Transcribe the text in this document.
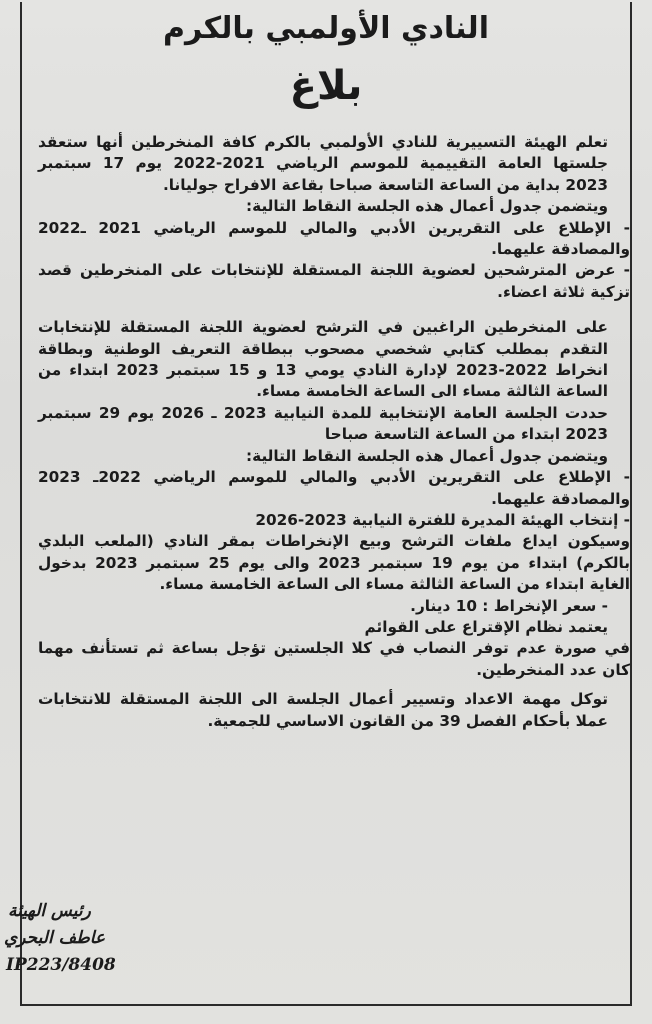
النادي الأولمبي بالكرم
بلاغ

تعلم الهيئة التسييرية للنادي الأولمبي بالكرم كافة المنخرطين أنها ستعقد جلستها العامة التقييمية للموسم الرياضي 2021-2022 يوم 17 سبتمبر 2023 بداية من الساعة التاسعة صباحا بقاعة الافراح جوليانا.

ويتضمن جدول أعمال هذه الجلسة النقاط التالية:

- الإطلاع على التقريرين الأدبي والمالي للموسم الرياضي 2021 ـ2022 والمصادقة عليهما.

- عرض المترشحين لعضوية اللجنة المستقلة للإنتخابات على المنخرطين قصد تزكية ثلاثة اعضاء.

على المنخرطين الراغبين في الترشح لعضوية اللجنة المستقلة للإنتخابات التقدم بمطلب كتابي شخصي مصحوب ببطاقة التعريف الوطنية وبطاقة انخراط 2022-2023 لإدارة النادي يومي 13 و 15 سبتمبر 2023 ابتداء من الساعة الثالثة مساء الى الساعة الخامسة مساء.

حددت الجلسة العامة الإنتخابية للمدة النيابية 2023 ـ 2026 يوم 29 سبتمبر 2023 ابتداء من الساعة التاسعة صباحا

ويتضمن جدول أعمال هذه الجلسة النقاط التالية:

- الإطلاع على التقريرين الأدبي والمالي للموسم الرياضي 2022ـ 2023 والمصادقة عليهما.

- إنتخاب الهيئة المديرة للفترة النيابية 2023-2026

وسيكون ايداع ملفات الترشح وبيع الإنخراطات بمقر النادي (الملعب البلدي بالكرم) ابتداء من يوم 19 سبتمبر 2023 والى يوم 25 سبتمبر 2023 بدخول الغاية ابتداء من الساعة الثالثة مساء الى الساعة الخامسة مساء.

- سعر الإنخراط : 10 دينار.

يعتمد نظام الإقتراع على القوائم

في صورة عدم توفر النصاب في كلا الجلستين تؤجل بساعة ثم تستأنف مهما كان عدد المنخرطين.

توكل مهمة الاعداد وتسيير أعمال الجلسة الى اللجنة المستقلة للانتخابات عملا بأحكام الفصل 39 من القانون الاساسي للجمعية.

رئيس الهيئة
عاطف البحري
IP223/8408
